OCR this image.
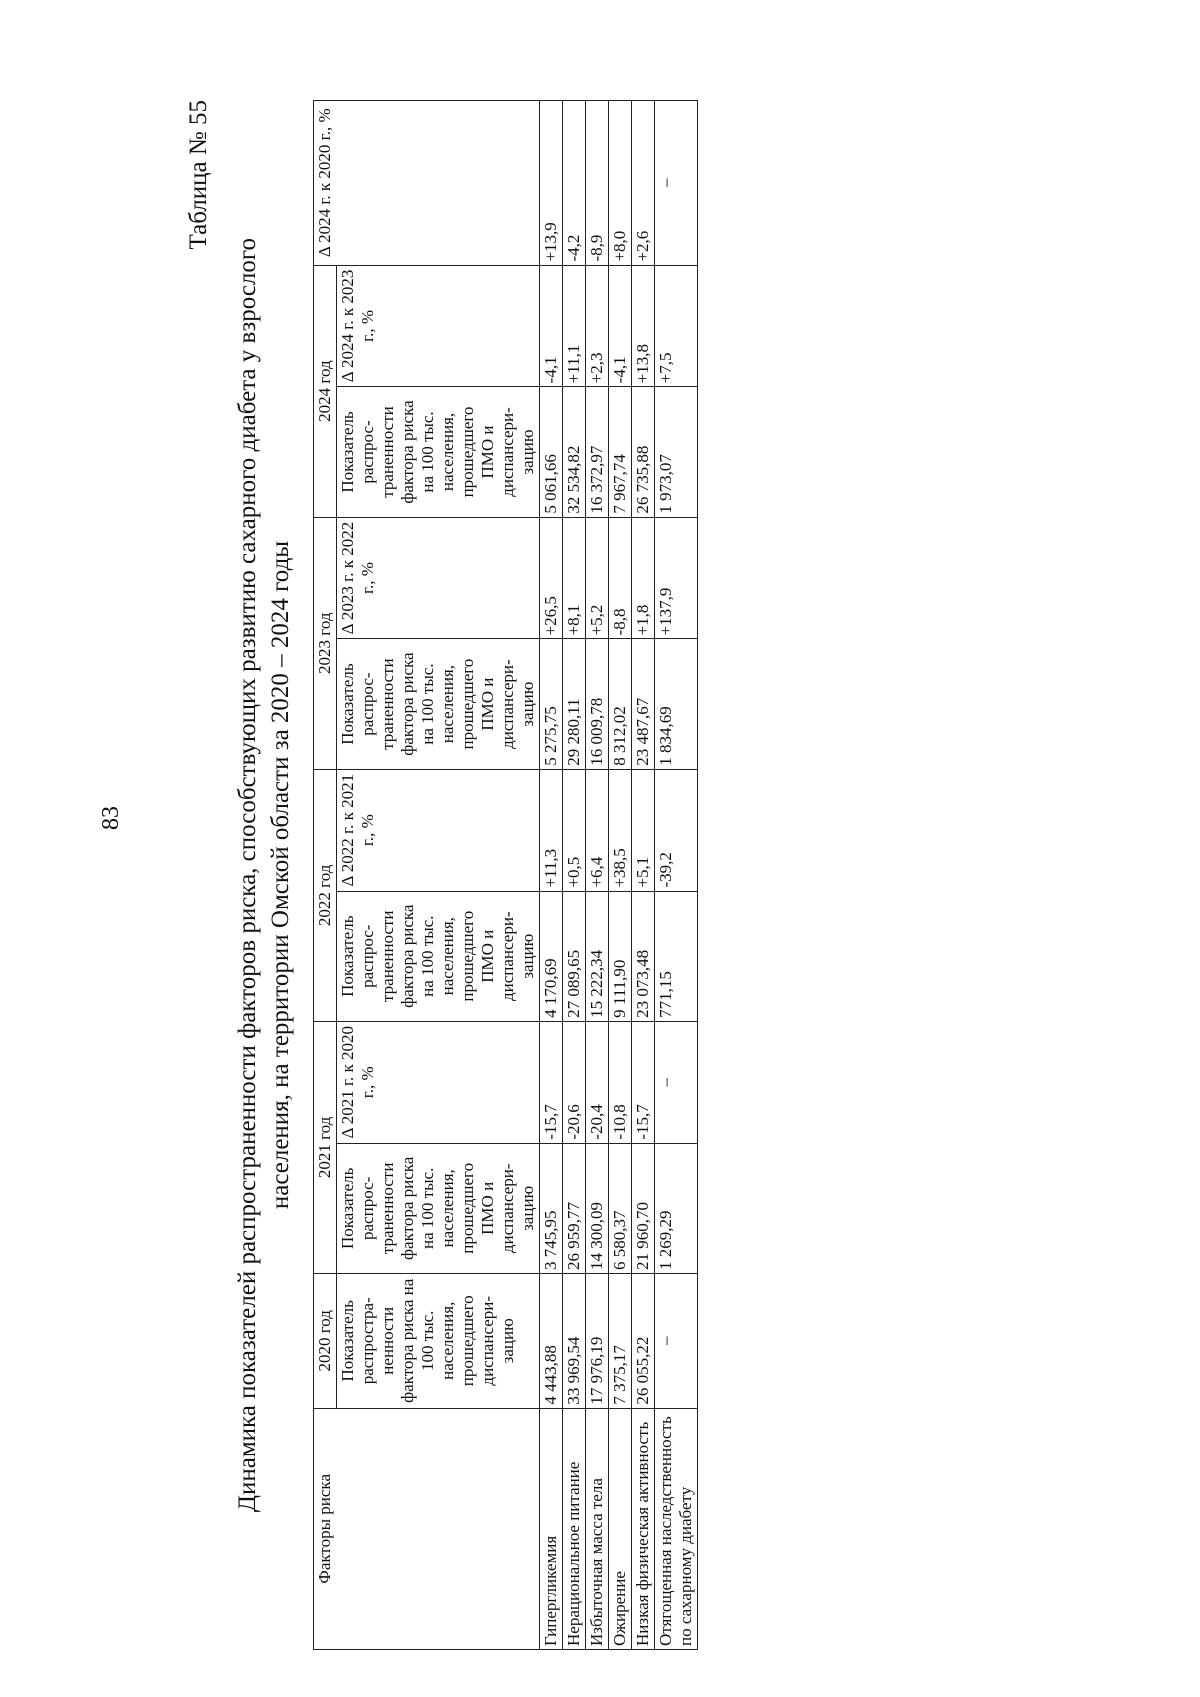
83
Таблица № 55
Динамика показателей распространенности факторов риска, способствующих развитию сахарного диабета у взрослого населения, на территории Омской области за 2020 – 2024 годы
Факторы риска	2020 год	2021 год		2022 год		2023 год		2024 год		Δ 2024 г. к 2020 г., %
	Показатель распростра-ненности фактора риска на 100 тыс. населения, прошедшего диспансери-зацию	Показатель распрос-траненности фактора риска на 100 тыс. населения, прошедшего ПМО и диспансери-зацию	Δ 2021 г. к 2020 г., %	Показатель распрос-траненности фактора риска на 100 тыс. населения, прошедшего ПМО и диспансери-зацию	Δ 2022 г. к 2021 г., %	Показатель распрос-траненности фактора риска на 100 тыс. населения, прошедшего ПМО и диспансери-зацию	Δ 2023 г. к 2022 г., %	Показатель распрос-траненности фактора риска на 100 тыс. населения, прошедшего ПМО и диспансери-зацию	Δ 2024 г. к 2023 г., %	
Гипергликемия	4 443,88	3 745,95	-15,7	4 170,69	+11,3	5 275,75	+26,5	5 061,66	-4,1	+13,9
Нерациональное питание	33 969,54	26 959,77	-20,6	27 089,65	+0,5	29 280,11	+8,1	32 534,82	+11,1	-4,2
Избыточная масса тела	17 976,19	14 300,09	-20,4	15 222,34	+6,4	16 009,78	+5,2	16 372,97	+2,3	-8,9
Ожирение	7 375,17	6 580,37	-10,8	9 111,90	+38,5	8 312,02	-8,8	7 967,74	-4,1	+8,0
Низкая физическая активность	26 055,22	21 960,70	-15,7	23 073,48	+5,1	23 487,67	+1,8	26 735,88	+13,8	+2,6
Отягощенная наследственность по сахарному диабету	–	1 269,29	–	771,15	-39,2	1 834,69	+137,9	1 973,07	+7,5	–
